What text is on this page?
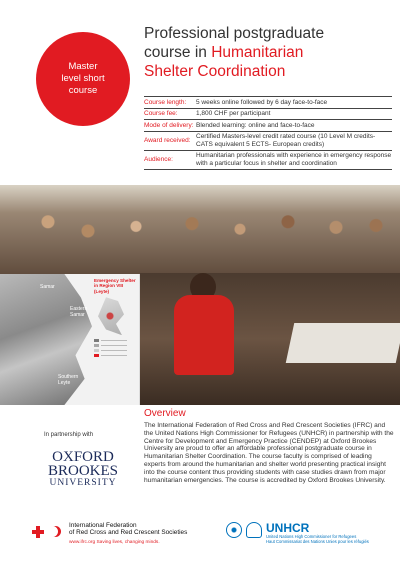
Master
level short
course
Professional postgraduate
course in Humanitarian
Shelter Coordination
Course length:	5 weeks online followed by 6 day face-to-face
Course fee:	1,800 CHF per participant
Mode of delivery: Blended learning: online and face-to-face
Award received:
Certified Masters-level credit rated course (10 Level M credits- CATS equivalent 5 ECTS- European credits)
Audience:
Humanitarian professionals with experience in emergency response with a particular focus in shelter and coordination
Samar
Eastern Samar
Southern Leyte
Emergency Shelter in Region VIII (Leyte)
In partnership with
OXFORD
BROOKES
UNIVERSITY
Overview
The International Federation of Red Cross and Red Crescent Societies (IFRC) and the United Nations High Commissioner for Refugees (UNHCR) in partnership with the Centre for Development and Emergency Practice (CENDEP) at Oxford Brookes University are proud to offer an affordable professional postgraduate course in Humanitarian Shelter Coordination. The course faculty is comprised of leading experts from around the humanitarian and shelter world presenting practical insight into the course content thus providing students with case studies drawn from major humanitarian emergencies. The course is accredited by Oxford Brookes University.
International Federation
of Red Cross and Red Crescent Societies
www.ifrc.org Saving lives, changing minds.
UNHCR
United Nations High Commissioner for Refugees
Haut Commissariat des Nations Unies pour les réfugiés
